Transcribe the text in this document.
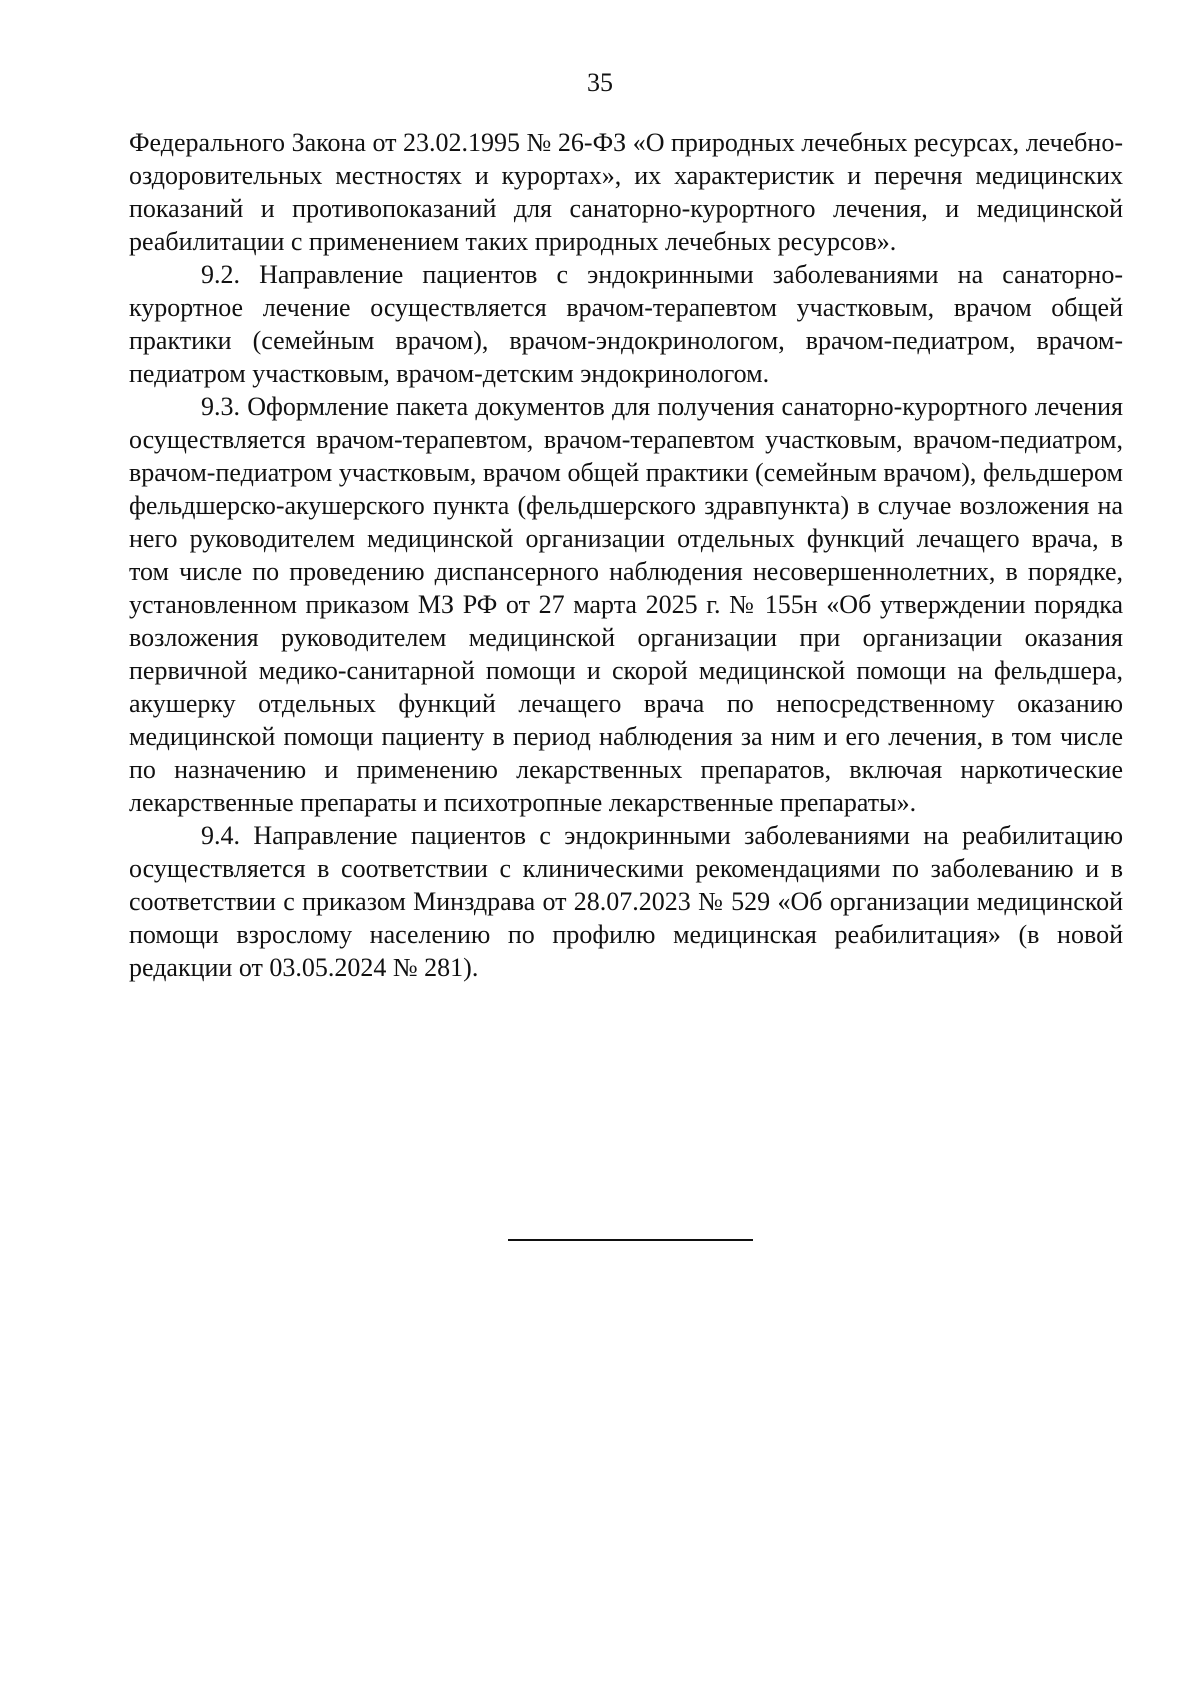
35

Федерального Закона от 23.02.1995 № 26-ФЗ «О природных лечебных ресурсах, лечебно-оздоровительных местностях и курортах», их характеристик и перечня медицинских показаний и противопоказаний для санаторно-курортного лечения, и медицинской реабилитации с применением таких природных лечебных ресурсов».

9.2. Направление пациентов с эндокринными заболеваниями на санаторно-курортное лечение осуществляется врачом-терапевтом участковым, врачом общей практики (семейным врачом), врачом-эндокринологом, врачом-педиатром, врачом-педиатром участковым, врачом-детским эндокринологом.

9.3. Оформление пакета документов для получения санаторно-курортного лечения осуществляется врачом-терапевтом, врачом-терапевтом участковым, врачом-педиатром, врачом-педиатром участковым, врачом общей практики (семейным врачом), фельдшером фельдшерско-акушерского пункта (фельдшерского здравпункта) в случае возложения на него руководителем медицинской организации отдельных функций лечащего врача, в том числе по проведению диспансерного наблюдения несовершеннолетних, в порядке, установленном приказом МЗ РФ от 27 марта 2025 г. № 155н «Об утверждении порядка возложения руководителем медицинской организации при организации оказания первичной медико-санитарной помощи и скорой медицинской помощи на фельдшера, акушерку отдельных функций лечащего врача по непосредственному оказанию медицинской помощи пациенту в период наблюдения за ним и его лечения, в том числе по назначению и применению лекарственных препаратов, включая наркотические лекарственные препараты и психотропные лекарственные препараты».

9.4. Направление пациентов с эндокринными заболеваниями на реабилитацию осуществляется в соответствии с клиническими рекомендациями по заболеванию и в соответствии с приказом Минздрава от 28.07.2023 № 529 «Об организации медицинской помощи взрослому населению по профилю медицинская реабилитация» (в новой редакции от 03.05.2024 № 281).
